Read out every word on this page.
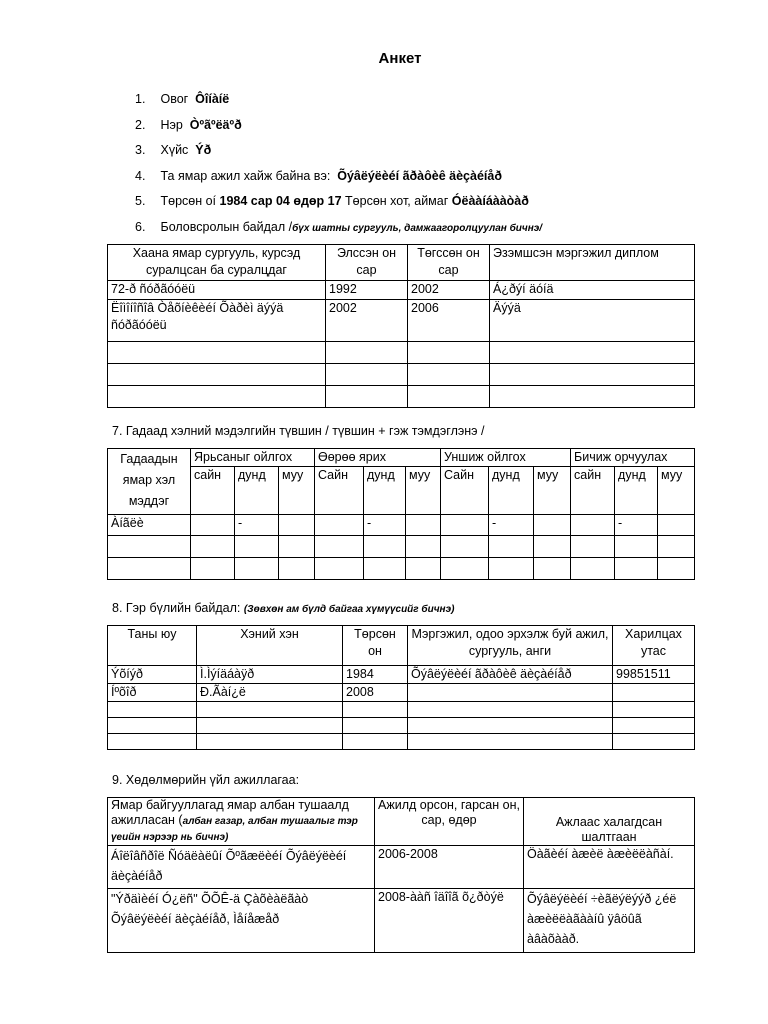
Анкет
1. Овог Ôîíàíë
2. Нэр Òºãºëäºð
3. Хүйс Ýð
4. Та ямар ажил хайж байна вэ: Õýâëýëèéí ãðàôèê äèçàéíåð
5. Төрсөн оí 1984 сар 04 өдөр 17 Төрсөн хот, аймаг Óëààíáààòàð
6. Боловсролын байдал /бүх шатны сургууль, дамжаагоролцуулан бичнэ/
Хаана ямар сургууль, курсэд суралцсан ба суралцдаг	Элссэн он сар	Төгссөн он сар	Эзэмшсэн мэргэжил диплом
72-ð ñóðãóóëü	1992	2002	Á¿ðýí äóíä
Ëîìîíîñîâ Òåõíèêèéí Õàðèì äýýä ñóðãóóëü	2002	2006	Äýýä

7. Гадаад хэлний мэдэлгийн түвшин / түвшин + гэж тэмдэглэнэ /
Гадаадын ямар хэл мэддэг	Ярьсаныг ойлгох			Өөрөө ярих			Уншиж ойлгох			Бичиж орчуулах		
	сайн	дунд	муу	Сайн	дунд	муу	Сайн	дунд	муу	сайн	дунд	муу
Àíãëè		-			-			-			-	

8. Гэр бүлийн байдал: (Зөвхөн ам бүлд байгаа хүмүүсийг бичнэ)
Таны юу	Хэний хэн	Төрсөн он	Мэргэжил, одоо эрхэлж буй ажил, сургууль, анги	Харилцах утас
Ýõíýð	Ì.Ìýíäáàÿð	1984	Õýâëýëèéí ãðàôèê äèçàéíåð	99851511
Íºõîð	Ð.Ãàí¿ë	2008		

9. Хөдөлмөрийн үйл ажиллагаа:
Ямар байгууллагад ямар албан тушаалд ажилласан (албан газар, албан тушаалыг тэр үеийн нэрээр нь бичнэ)	Ажилд орсон, гарсан он, сар, өдөр	Ажлаас халагдсан шалтгаан
Áîëîâñðîë Ñóäëàëûí Õºãæëèéí Õýâëýëèéí äèçàéíåð	2006-2008	Öàãèéí àæèë àæèëëàñàí.
"Ýðäìèéí Ó¿ëñ" ÕÕÊ-ä Çàõèàëãàò Õýâëýëèéí äèçàéíåð, Ìåíåæåð	2008-ààñ îäîîã õ¿ðòýë	Õýâëýëèéí ÷èãëýëýýð ¿éë àæèëëàãààíû ÿâöûã àâàõààð.
